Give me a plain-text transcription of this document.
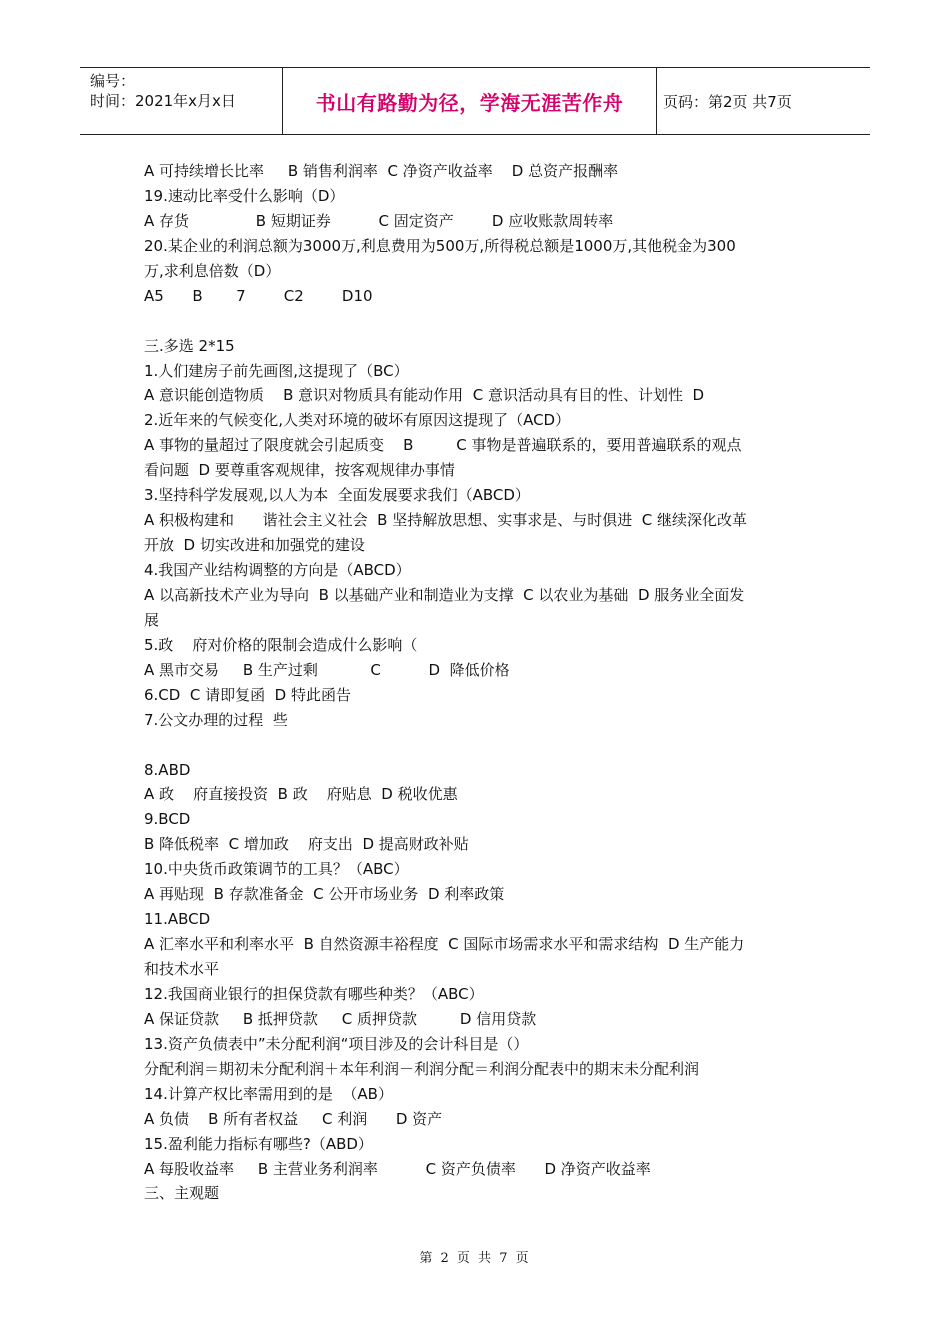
编号：
时间：2021年x月x日	书山有路勤为径，学海无涯苦作舟	页码：第2页 共7页
A 可持续增长比率     B 销售利润率  C 净资产收益率    D 总资产报酬率
19.速动比率受什么影响（D）
A 存货              B 短期证券          C 固定资产        D 应收账款周转率
20.某企业的利润总额为3000万,利息费用为500万,所得税总额是1000万,其他税金为300
万,求利息倍数（D）
A5      B       7        C2        D10
三.多选 2*15
1.人们建房子前先画图,这提现了（BC）
A 意识能创造物质    B 意识对物质具有能动作用  C 意识活动具有目的性、计划性  D
2.近年来的气候变化,人类对环境的破坏有原因这提现了（ACD）
A 事物的量超过了限度就会引起质变    B         C 事物是普遍联系的，要用普遍联系的观点
看问题  D 要尊重客观规律，按客观规律办事情
3.坚持科学发展观,以人为本  全面发展要求我们（ABCD）
A 积极构建和      谐社会主义社会  B 坚持解放思想、实事求是、与时俱进  C 继续深化改革
开放  D 切实改进和加强党的建设
4.我国产业结构调整的方向是（ABCD）
A 以高新技术产业为导向  B 以基础产业和制造业为支撑  C 以农业为基础  D 服务业全面发
展
5.政    府对价格的限制会造成什么影响（
A 黑市交易     B 生产过剩           C          D  降低价格
6.CD  C 请即复函  D 特此函告
7.公文办理的过程  些
8.ABD
A 政    府直接投资  B 政    府贴息  D 税收优惠
9.BCD
B 降低税率  C 增加政    府支出  D 提高财政补贴
10.中央货币政策调节的工具？（ABC）
A 再贴现  B 存款准备金  C 公开市场业务  D 利率政策
11.ABCD
A 汇率水平和利率水平  B 自然资源丰裕程度  C 国际市场需求水平和需求结构  D 生产能力
和技术水平
12.我国商业银行的担保贷款有哪些种类？（ABC）
A 保证贷款     B 抵押贷款     C 质押贷款         D 信用贷款
13.资产负债表中”未分配利润“项目涉及的会计科目是（）
分配利润＝期初未分配利润＋本年利润－利润分配＝利润分配表中的期末未分配利润
14.计算产权比率需用到的是  （AB）
A 负债    B 所有者权益     C 利润      D 资产
15.盈利能力指标有哪些?（ABD）
A 每股收益率     B 主营业务利润率          C 资产负债率      D 净资产收益率
三、主观题
第 2 页 共 7 页
